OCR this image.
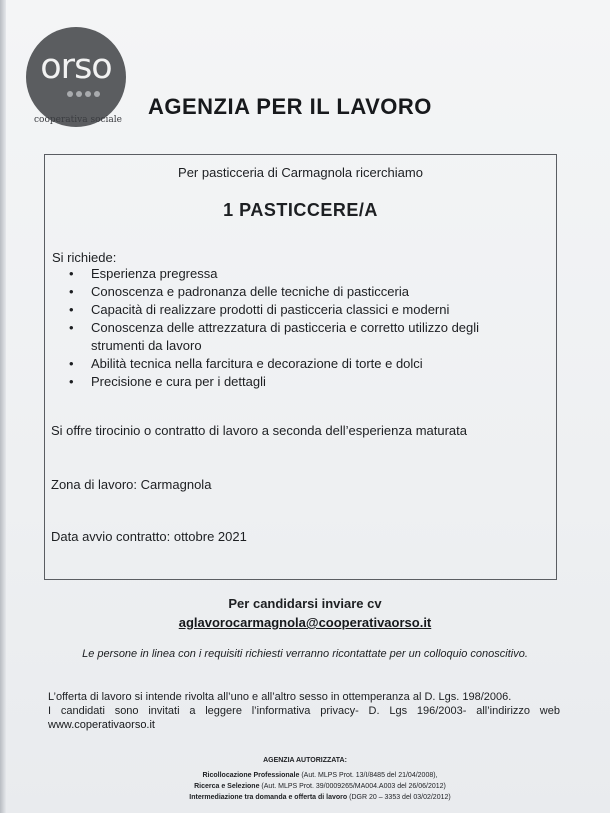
orso
cooperativa sociale
AGENZIA PER IL LAVORO
Per pasticceria di Carmagnola ricerchiamo
1 PASTICCERE/A
Si richiede:
• Esperienza pregressa
• Conoscenza e padronanza delle tecniche di pasticceria
• Capacità di realizzare prodotti di pasticceria classici e moderni
• Conoscenza delle attrezzatura di pasticceria e corretto utilizzo degli strumenti da lavoro
• Abilità tecnica nella farcitura e decorazione di torte e dolci
• Precisione e cura per i dettagli
Si offre tirocinio o contratto di lavoro a seconda dell’esperienza maturata
Zona di lavoro: Carmagnola
Data avvio contratto: ottobre 2021
Per candidarsi inviare cv
aglavorocarmagnola@cooperativaorso.it
Le persone in linea con i requisiti richiesti verranno ricontattate per un colloquio conoscitivo.
L’offerta di lavoro si intende rivolta all’uno e all’altro sesso in ottemperanza al D. Lgs. 198/2006.
I candidati sono invitati a leggere l’informativa privacy- D. Lgs 196/2003- all’indirizzo web
www.coperativaorso.it
AGENZIA AUTORIZZATA:
Ricollocazione Professionale (Aut. MLPS Prot. 13/I/8485 del 21/04/2008),
Ricerca e Selezione (Aut. MLPS Prot. 39/0009265/MA004.A003 del 26/06/2012)
Intermediazione tra domanda e offerta di lavoro (DGR 20 – 3353 del 03/02/2012)
